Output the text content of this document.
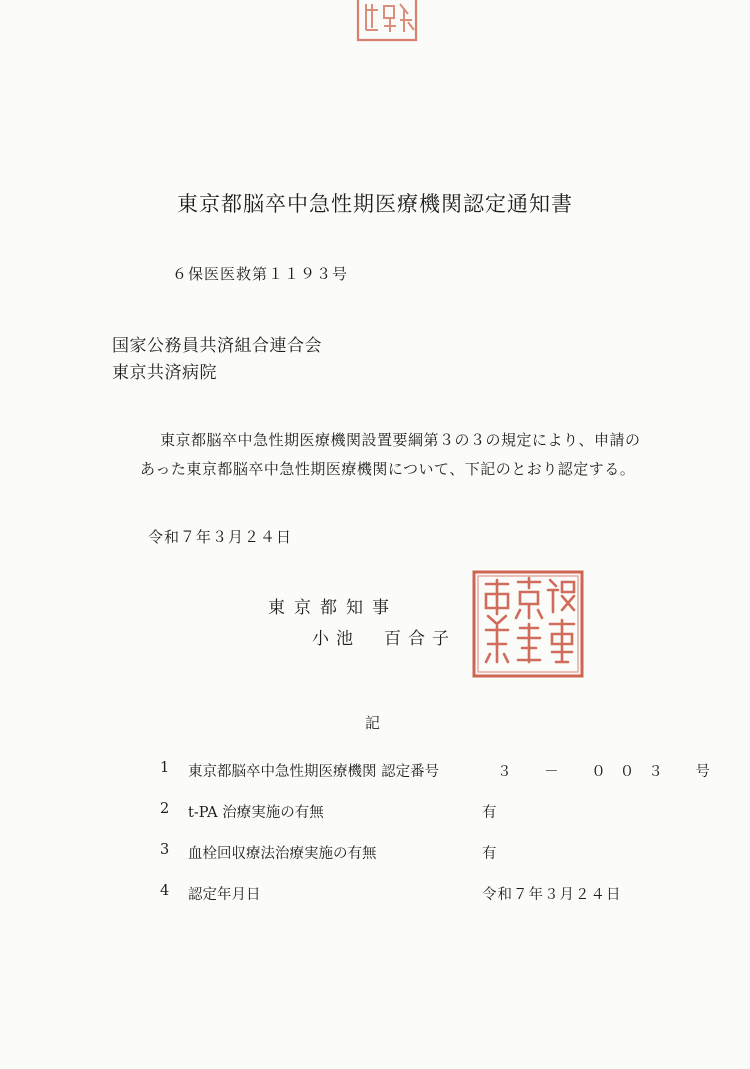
東京都脳卒中急性期医療機関認定通知書
６保医医救第１１９３号
国家公務員共済組合連合会
東京共済病院
東京都脳卒中急性期医療機関設置要綱第３の３の規定により、申請の
あった東京都脳卒中急性期医療機関について、下記のとおり認定する。
令和７年３月２４日
東京都知事
小池　百合子
記
1 東京都脳卒中急性期医療機関 認定番号	３ － ００３ 号
2 t-PA 治療実施の有無	有
3 血栓回収療法治療実施の有無	有
4 認定年月日	令和７年３月２４日
